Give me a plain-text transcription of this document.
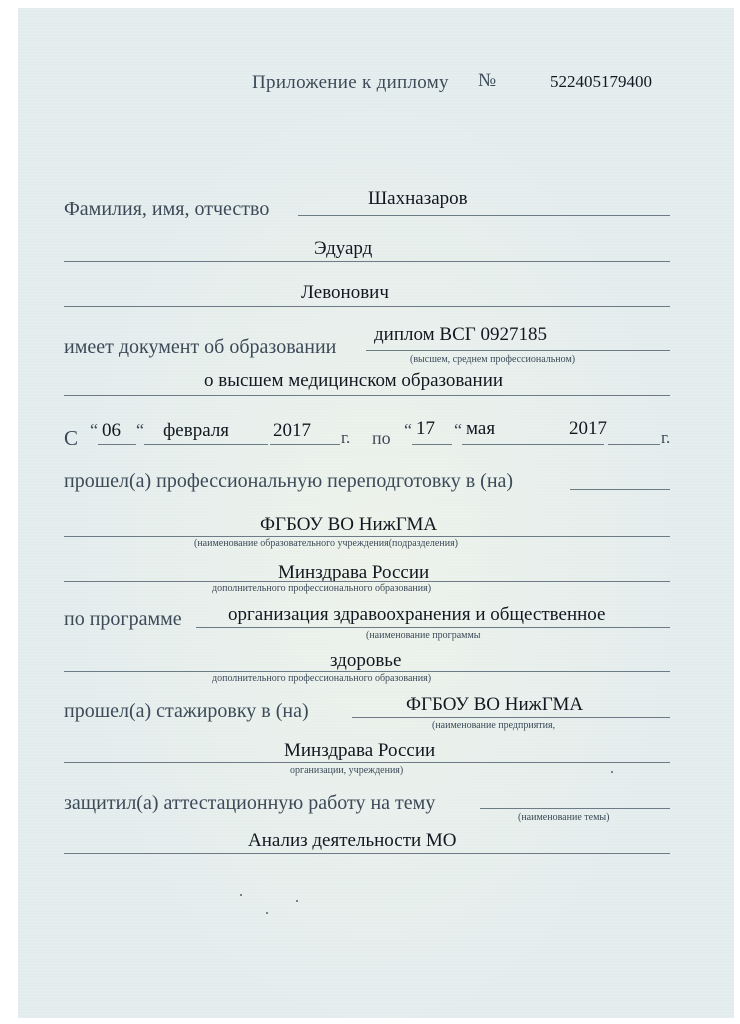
Приложение к диплому №	522405179400
Фамилия, имя, отчество	Шахназаров
Эдуард
Левонович
имеет документ об образовании
диплом ВСГ 0927185
(высшем, среднем профессиональном)
о высшем медицинском образовании
С “ 06 “ февраля 2017 г. по “ 17 “ мая	2017	г.
прошел(а) профессиональную переподготовку в (на)
ФГБОУ ВО НижГМА
(наименование образовательного учреждения(подразделения)
Минздрава России
дополнительного профессионального образования)
по программе организация здравоохранения и общественное
(наименование программы
здоровье
дополнительного профессионального образования)
прошел(а) стажировку в (на)	ФГБОУ ВО НижГМА
(наименование предприятия,
Минздрава России
организации, учреждения)
защитил(а) аттестационную работу на тему
(наименование темы)
Анализ деятельности МО
